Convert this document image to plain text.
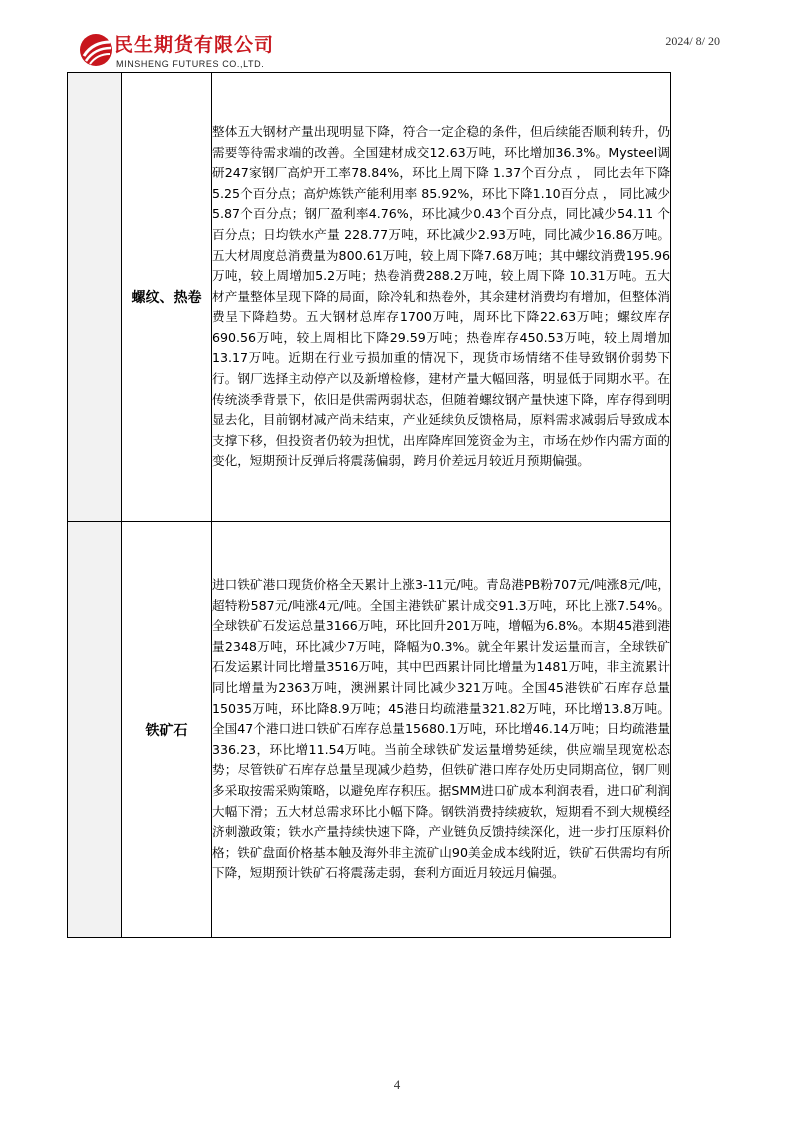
民生期货有限公司
MINSHENG FUTURES CO.,LTD.
2024/ 8/ 20
	螺纹、热卷	整体五大钢材产量出现明显下降，符合一定企稳的条件，但后续能否顺利转升，仍需要等待需求端的改善。全国建材成交12.63万吨，环比增加36.3%。Mysteel调研247家钢厂高炉开工率78.84%，环比上周下降 1.37个百分点 ， 同比去年下降5.25个百分点；高炉炼铁产能利用率 85.92%，环比下降1.10百分点 ， 同比减少5.87个百分点；钢厂盈利率4.76%，环比减少0.43个百分点，同比减少54.11 个百分点；日均铁水产量 228.77万吨，环比减少2.93万吨，同比减少16.86万吨。五大材周度总消费量为800.61万吨，较上周下降7.68万吨；其中螺纹消费195.96万吨，较上周增加5.2万吨；热卷消费288.2万吨，较上周下降 10.31万吨。五大材产量整体呈现下降的局面，除冷轧和热卷外，其余建材消费均有增加，但整体消费呈下降趋势。五大钢材总库存1700万吨，周环比下降22.63万吨；螺纹库存 690.56万吨，较上周相比下降29.59万吨；热卷库存450.53万吨，较上周增加13.17万吨。近期在行业亏损加重的情况下，现货市场情绪不佳导致钢价弱势下行。钢厂选择主动停产以及新增检修，建材产量大幅回落，明显低于同期水平。在传统淡季背景下，依旧是供需两弱状态，但随着螺纹钢产量快速下降，库存得到明显去化，目前钢材减产尚未结束，产业延续负反馈格局，原料需求减弱后导致成本支撑下移，但投资者仍较为担忧，出库降库回笼资金为主，市场在炒作内需方面的变化，短期预计反弹后将震荡偏弱，跨月价差远月较近月预期偏强。
	铁矿石	进口铁矿港口现货价格全天累计上涨3-11元/吨。青岛港PB粉707元/吨涨8元/吨，超特粉587元/吨涨4元/吨。全国主港铁矿累计成交91.3万吨，环比上涨7.54%。全球铁矿石发运总量3166万吨，环比回升201万吨，增幅为6.8%。本期45港到港量2348万吨，环比减少7万吨，降幅为0.3%。就全年累计发运量而言，全球铁矿石发运累计同比增量3516万吨，其中巴西累计同比增量为1481万吨，非主流累计同比增量为2363万吨，澳洲累计同比减少321万吨。全国45港铁矿石库存总量15035万吨，环比降8.9万吨；45港日均疏港量321.82万吨，环比增13.8万吨。全国47个港口进口铁矿石库存总量15680.1万吨，环比增46.14万吨；日均疏港量336.23，环比增11.54万吨。当前全球铁矿发运量增势延续，供应端呈现宽松态势；尽管铁矿石库存总量呈现减少趋势，但铁矿港口库存处历史同期高位，钢厂则多采取按需采购策略，以避免库存积压。据SMM进口矿成本利润表看，进口矿利润大幅下滑；五大材总需求环比小幅下降。钢铁消费持续疲软，短期看不到大规模经济刺激政策；铁水产量持续快速下降，产业链负反馈持续深化，进一步打压原料价格；铁矿盘面价格基本触及海外非主流矿山90美金成本线附近，铁矿石供需均有所下降，短期预计铁矿石将震荡走弱，套利方面近月较远月偏强。
4
